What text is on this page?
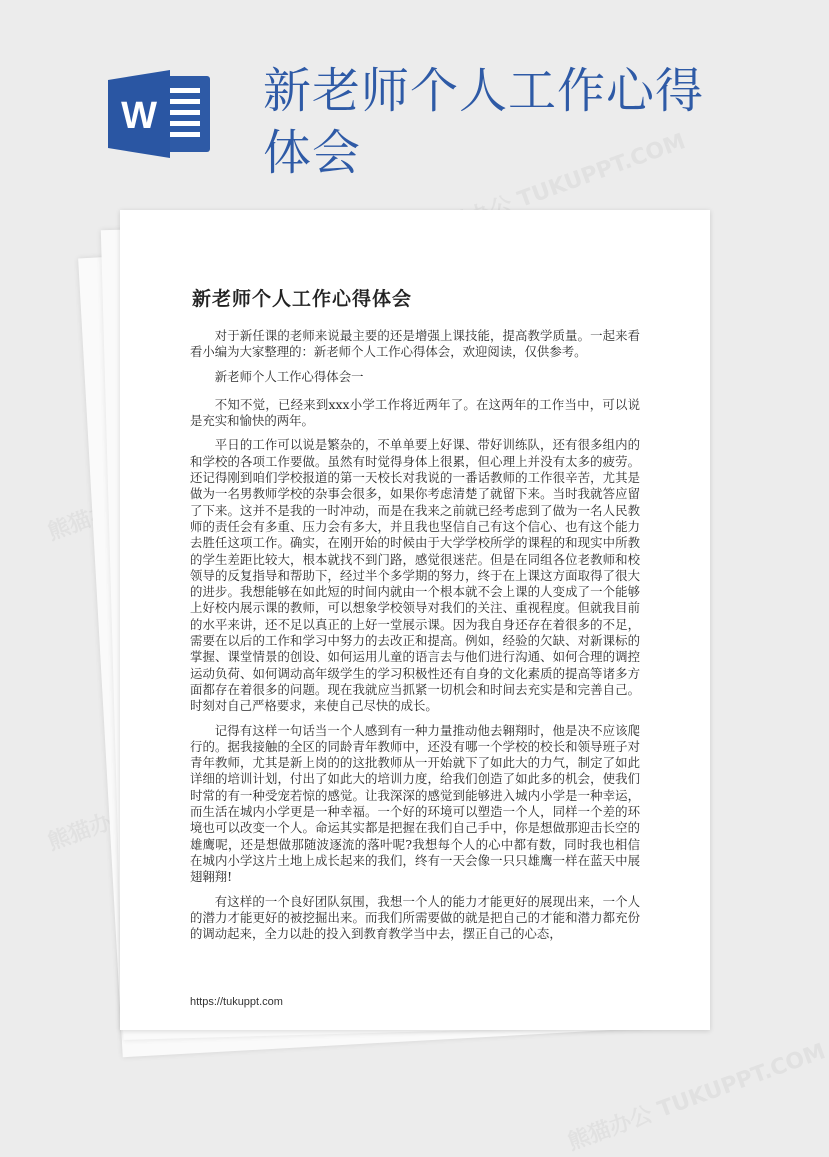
熊猫办公 TUKUPPT.COM
熊猫办公
熊猫办公
熊猫办公 TUKUPPT.COM
W 新老师个人工作心得体会
新老师个人工作心得体会

对于新任课的老师来说最主要的还是增强上课技能，提高教学质量。一起来看看小编为大家整理的：新老师个人工作心得体会，欢迎阅读，仅供参考。

新老师个人工作心得体会一

不知不觉，已经来到xxx小学工作将近两年了。在这两年的工作当中，可以说是充实和愉快的两年。

平日的工作可以说是繁杂的，不单单要上好课、带好训练队，还有很多组内的和学校的各项工作要做。虽然有时觉得身体上很累，但心理上并没有太多的疲劳。还记得刚到咱们学校报道的第一天校长对我说的一番话教师的工作很辛苦，尤其是做为一名男教师学校的杂事会很多，如果你考虑清楚了就留下来。当时我就答应留了下来。这并不是我的一时冲动，而是在我来之前就已经考虑到了做为一名人民教师的责任会有多重、压力会有多大，并且我也坚信自己有这个信心、也有这个能力去胜任这项工作。确实，在刚开始的时候由于大学学校所学的课程的和现实中所教的学生差距比较大，根本就找不到门路，感觉很迷茫。但是在同组各位老教师和校领导的反复指导和帮助下，经过半个多学期的努力，终于在上课这方面取得了很大的进步。我想能够在如此短的时间内就由一个根本就不会上课的人变成了一个能够上好校内展示课的教师，可以想象学校领导对我们的关注、重视程度。但就我目前的水平来讲，还不足以真正的上好一堂展示课。因为我自身还存在着很多的不足，需要在以后的工作和学习中努力的去改正和提高。例如，经验的欠缺、对新课标的掌握、课堂情景的创设、如何运用儿童的语言去与他们进行沟通、如何合理的调控运动负荷、如何调动高年级学生的学习积极性还有自身的文化素质的提高等诸多方面都存在着很多的问题。现在我就应当抓紧一切机会和时间去充实是和完善自己。时刻对自己严格要求，来使自己尽快的成长。

记得有这样一句话当一个人感到有一种力量推动他去翱翔时，他是决不应该爬行的。据我接触的全区的同龄青年教师中，还没有哪一个学校的校长和领导班子对青年教师，尤其是新上岗的的这批教师从一开始就下了如此大的力气，制定了如此详细的培训计划，付出了如此大的培训力度，给我们创造了如此多的机会，使我们时常的有一种受宠若惊的感觉。让我深深的感觉到能够进入城内小学是一种幸运，而生活在城内小学更是一种幸福。一个好的环境可以塑造一个人，同样一个差的环境也可以改变一个人。命运其实都是把握在我们自己手中，你是想做那迎击长空的雄鹰呢，还是想做那随波逐流的落叶呢?我想每个人的心中都有数，同时我也相信在城内小学这片土地上成长起来的我们，终有一天会像一只只雄鹰一样在蓝天中展翅翱翔!

有这样的一个良好团队氛围，我想一个人的能力才能更好的展现出来，一个人的潜力才能更好的被挖掘出来。而我们所需要做的就是把自己的才能和潜力都充份的调动起来，全力以赴的投入到教育教学当中去，摆正自己的心态，

https://tukuppt.com
